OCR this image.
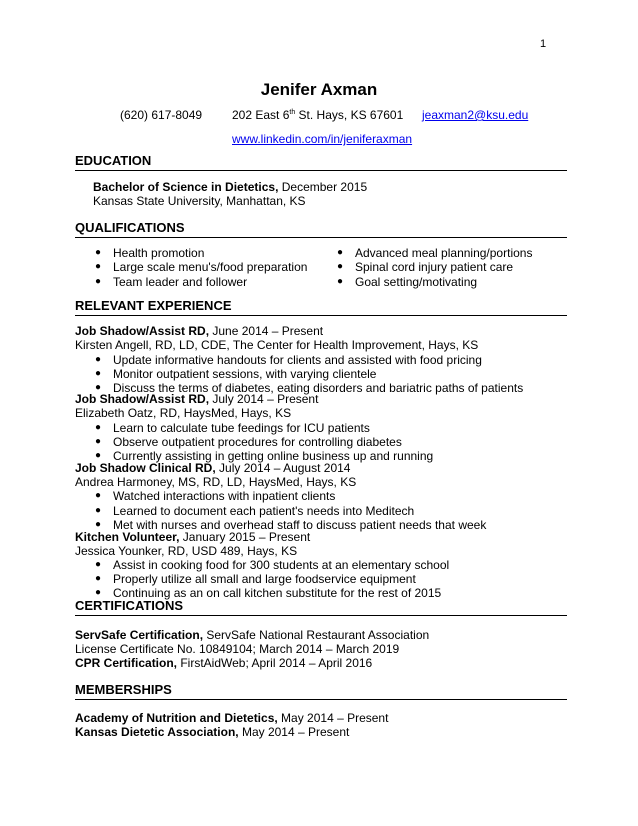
1
Jenifer Axman
(620) 617-8049 202 East 6th St. Hays, KS 67601 jeaxman2@ksu.edu
www.linkedin.com/in/jeniferaxman
EDUCATION
Bachelor of Science in Dietetics, December 2015
Kansas State University, Manhattan, KS
QUALIFICATIONS
● Health promotion
● Large scale menu's/food preparation
● Team leader and follower
● Advanced meal planning/portions
● Spinal cord injury patient care
● Goal setting/motivating
RELEVANT EXPERIENCE
Job Shadow/Assist RD, June 2014 – Present
Kirsten Angell, RD, LD, CDE, The Center for Health Improvement, Hays, KS
● Update informative handouts for clients and assisted with food pricing
● Monitor outpatient sessions, with varying clientele
● Discuss the terms of diabetes, eating disorders and bariatric paths of patients
Job Shadow/Assist RD, July 2014 – Present
Elizabeth Oatz, RD, HaysMed, Hays, KS
● Learn to calculate tube feedings for ICU patients
● Observe outpatient procedures for controlling diabetes
● Currently assisting in getting online business up and running
Job Shadow Clinical RD, July 2014 – August 2014
Andrea Harmoney, MS, RD, LD, HaysMed, Hays, KS
● Watched interactions with inpatient clients
● Learned to document each patient's needs into Meditech
● Met with nurses and overhead staff to discuss patient needs that week
Kitchen Volunteer, January 2015 – Present
Jessica Younker, RD, USD 489, Hays, KS
● Assist in cooking food for 300 students at an elementary school
● Properly utilize all small and large foodservice equipment
● Continuing as an on call kitchen substitute for the rest of 2015
CERTIFICATIONS
ServSafe Certification, ServSafe National Restaurant Association
License Certificate No. 10849104; March 2014 – March 2019
CPR Certification, FirstAidWeb; April 2014 – April 2016
MEMBERSHIPS
Academy of Nutrition and Dietetics, May 2014 – Present
Kansas Dietetic Association, May 2014 – Present
